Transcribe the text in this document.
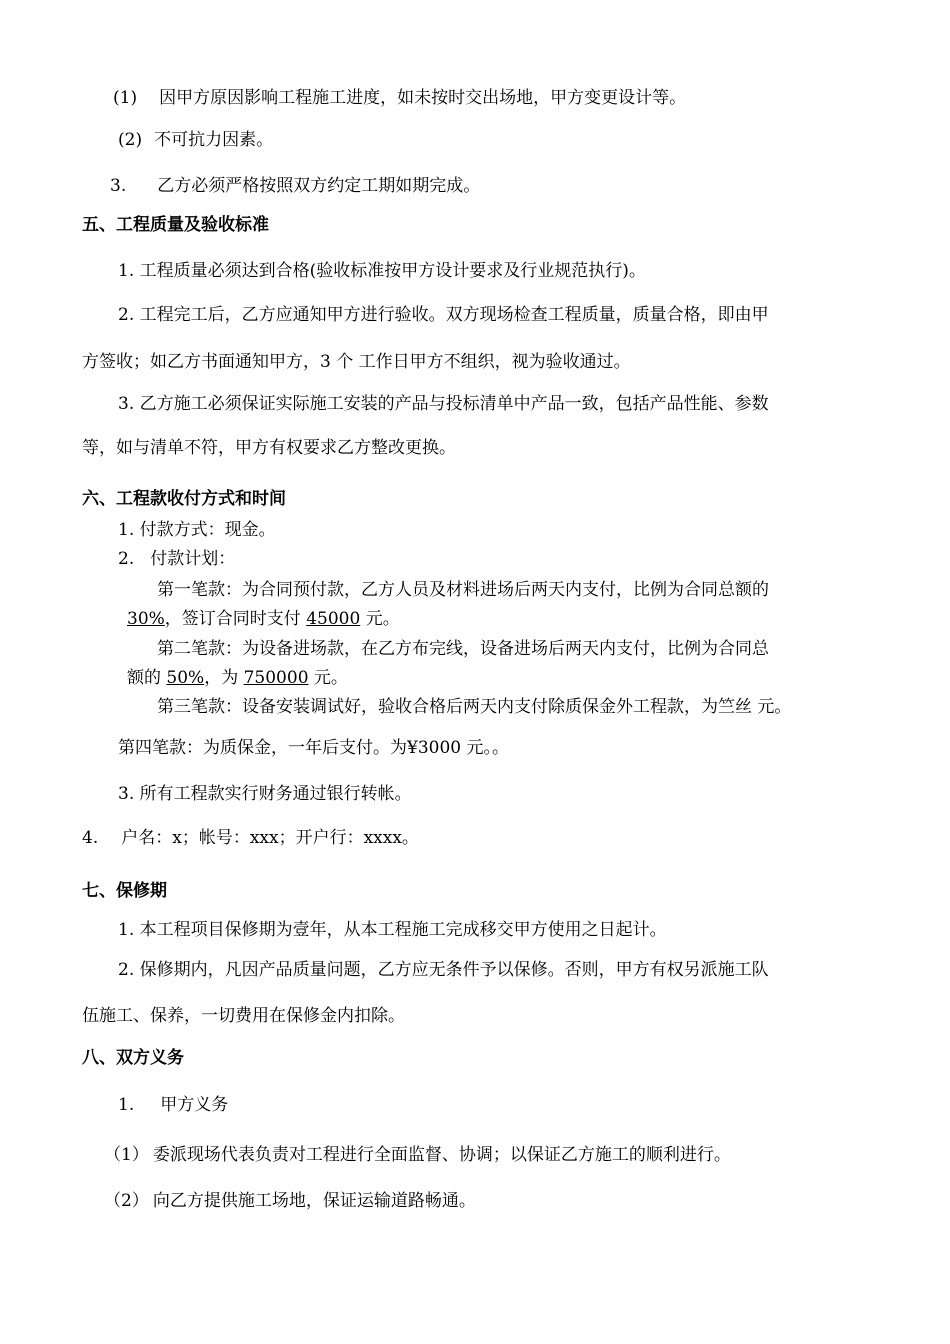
(1) 因甲方原因影响工程施工进度，如未按时交出场地，甲方变更设计等。
(2) 不可抗力因素。
3. 乙方必须严格按照双方约定工期如期完成。
五、工程质量及验收标准
1. 工程质量必须达到合格(验收标准按甲方设计要求及行业规范执行)。
2. 工程完工后，乙方应通知甲方进行验收。双方现场检查工程质量，质量合格，即由甲
方签收；如乙方书面通知甲方，3 个 工作日甲方不组织，视为验收通过。
3. 乙方施工必须保证实际施工安装的产品与投标清单中产品一致，包括产品性能、参数
等，如与清单不符，甲方有权要求乙方整改更换。
六、工程款收付方式和时间
1. 付款方式：现金。
2. 付款计划：
第一笔款：为合同预付款，乙方人员及材料进场后两天内支付，比例为合同总额的
30%，签订合同时支付 45000 元。
第二笔款：为设备进场款，在乙方布完线，设备进场后两天内支付，比例为合同总
额的 50%，为 750000 元。
第三笔款：设备安装调试好，验收合格后两天内支付除质保金外工程款，为竺丝 元。
第四笔款：为质保金，一年后支付。为¥3000 元。。
3. 所有工程款实行财务通过银行转帐。
4. 户名：x；帐号：xxx；开户行：xxxx。
七、保修期
1. 本工程项目保修期为壹年，从本工程施工完成移交甲方使用之日起计。
2. 保修期内，凡因产品质量问题，乙方应无条件予以保修。否则，甲方有权另派施工队
伍施工、保养，一切费用在保修金内扣除。
八、双方义务
1. 甲方义务
（1） 委派现场代表负责对工程进行全面监督、协调；以保证乙方施工的顺利进行。
（2） 向乙方提供施工场地，保证运输道路畅通。
